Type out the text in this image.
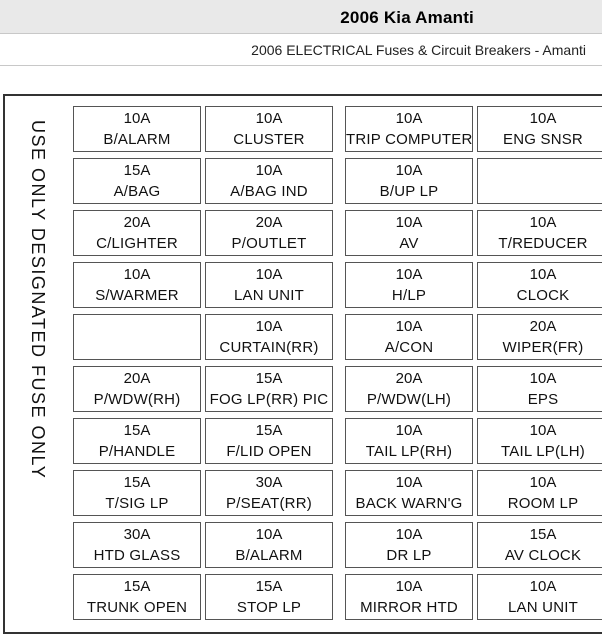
2006 Kia Amanti
2006 ELECTRICAL Fuses & Circuit Breakers - Amanti
USE ONLY DESIGNATED FUSE ONLY
10A
B/ALARM
10A
CLUSTER
10A
TRIP COMPUTER
10A
ENG SNSR
15A
A/BAG
10A
A/BAG IND
10A
B/UP LP
20A
C/LIGHTER
20A
P/OUTLET
10A
AV
10A
T/REDUCER
10A
S/WARMER
10A
LAN UNIT
10A
H/LP
10A
CLOCK
10A
CURTAIN(RR)
10A
A/CON
20A
WIPER(FR)
20A
P/WDW(RH)
15A
FOG LP(RR) PIC
20A
P/WDW(LH)
10A
EPS
15A
P/HANDLE
15A
F/LID OPEN
10A
TAIL LP(RH)
10A
TAIL LP(LH)
15A
T/SIG LP
30A
P/SEAT(RR)
10A
BACK WARN'G
10A
ROOM LP
30A
HTD GLASS
10A
B/ALARM
10A
DR LP
15A
AV CLOCK
15A
TRUNK OPEN
15A
STOP LP
10A
MIRROR HTD
10A
LAN UNIT
